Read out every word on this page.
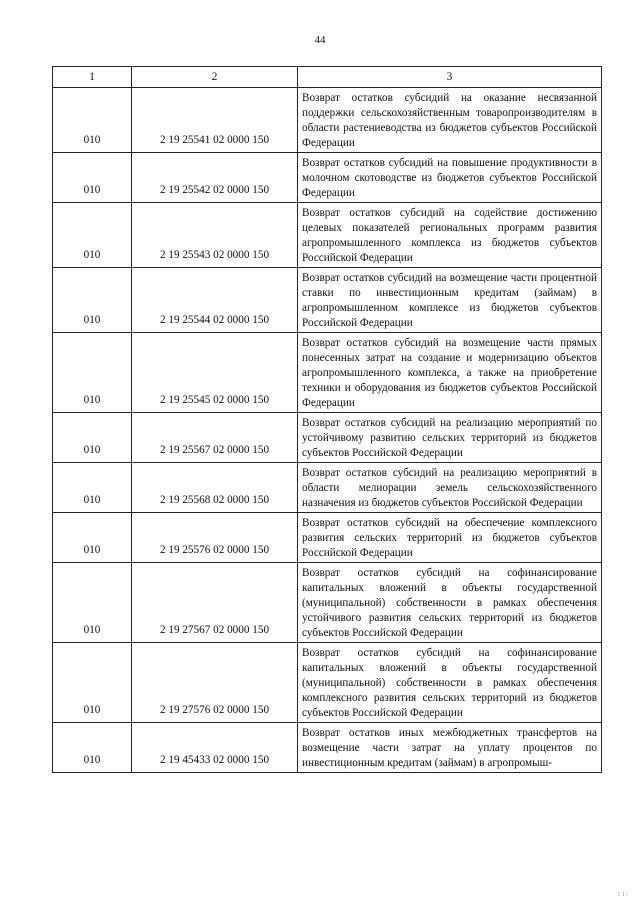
44
1	2	3
010	2 19 25541 02 0000 150	Возврат остатков субсидий на оказание несвязанной поддержки сельскохозяйственным товаропроизводителям в области растениеводства из бюджетов субъектов Российской Федерации
010	2 19 25542 02 0000 150	Возврат остатков субсидий на повышение продуктивности в молочном скотоводстве из бюджетов субъектов Российской Федерации
010	2 19 25543 02 0000 150	Возврат остатков субсидий на содействие достижению целевых показателей региональных программ развития агропромышленного комплекса из бюджетов субъектов Российской Федерации
010	2 19 25544 02 0000 150	Возврат остатков субсидий на возмещение части процентной ставки по инвестиционным кредитам (займам) в агропромышленном комплексе из бюджетов субъектов Российской Федерации
010	2 19 25545 02 0000 150	Возврат остатков субсидий на возмещение части прямых понесенных затрат на создание и модернизацию объектов агропромышленного комплекса, а также на приобретение техники и оборудования из бюджетов субъектов Российской Федерации
010	2 19 25567 02 0000 150	Возврат остатков субсидий на реализацию мероприятий по устойчивому развитию сельских территорий из бюджетов субъектов Российской Федерации
010	2 19 25568 02 0000 150	Возврат остатков субсидий на реализацию мероприятий в области мелиорации земель сельскохозяйственного назначения из бюджетов субъектов Российской Федерации
010	2 19 25576 02 0000 150	Возврат остатков субсидий на обеспечение комплексного развития сельских территорий из бюджетов субъектов Российской Федерации
010	2 19 27567 02 0000 150	Возврат остатков субсидий на софинансирование капитальных вложений в объекты государственной (муниципальной) собственности в рамках обеспечения устойчивого развития сельских территорий из бюджетов субъектов Российской Федерации
010	2 19 27576 02 0000 150	Возврат остатков субсидий на софинансирование капитальных вложений в объекты государственной (муниципальной) собственности в рамках обеспечения комплексного развития сельских территорий из бюджетов субъектов Российской Федерации
010	2 19 45433 02 0000 150	Возврат остатков иных межбюджетных трансфертов на возмещение части затрат на уплату процентов по инвестиционным кредитам (займам) в агропромыш-
1 1 /
